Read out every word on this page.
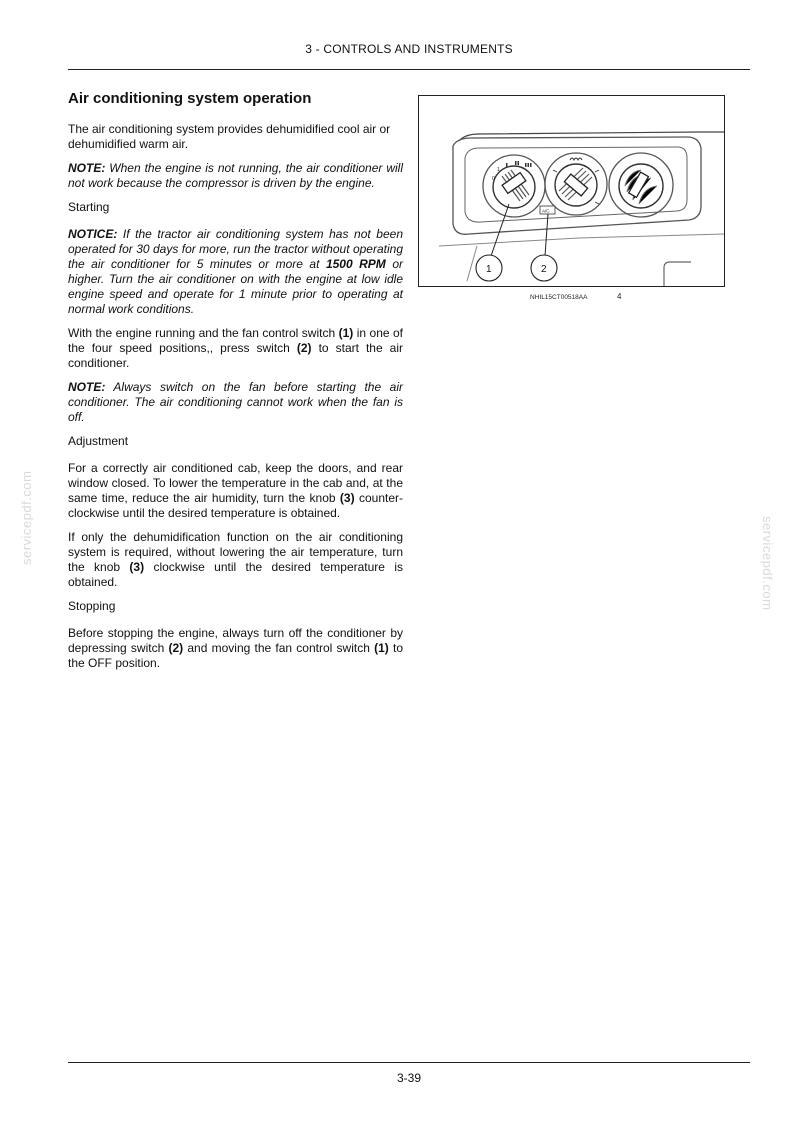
3 - CONTROLS AND INSTRUMENTS
Air conditioning system operation

The air conditioning system provides dehumidified cool air or dehumidified warm air.

NOTE: When the engine is not running, the air conditioner will not work because the compressor is driven by the engine.

Starting

NOTICE: If the tractor air conditioning system has not been operated for 30 days for more, run the tractor without operating the air conditioner for 5 minutes or more at 1500 RPM or higher. Turn the air conditioner on with the engine at low idle engine speed and operate for 1 minute prior to operating at normal work conditions.

With the engine running and the fan control switch (1) in one of the four speed positions,, press switch (2) to start the air conditioner.

NOTE: Always switch on the fan before starting the air conditioner. The air conditioning cannot work when the fan is off.

Adjustment

For a correctly air conditioned cab, keep the doors, and rear window closed. To lower the temperature in the cab and, at the same time, reduce the air humidity, turn the knob (3) counter-clockwise until the desired temperature is obtained.

If only the dehumidification function on the air conditioning system is required, without lowering the air temperature, turn the knob (3) clockwise until the desired temperature is obtained.

Stopping

Before stopping the engine, always turn off the conditioner by depressing switch (2) and moving the fan control switch (1) to the OFF position.

0
1
A/C
1	2
NHIL15CT00518AA	4
servicepdf.com	servicepdf.com
3-39
